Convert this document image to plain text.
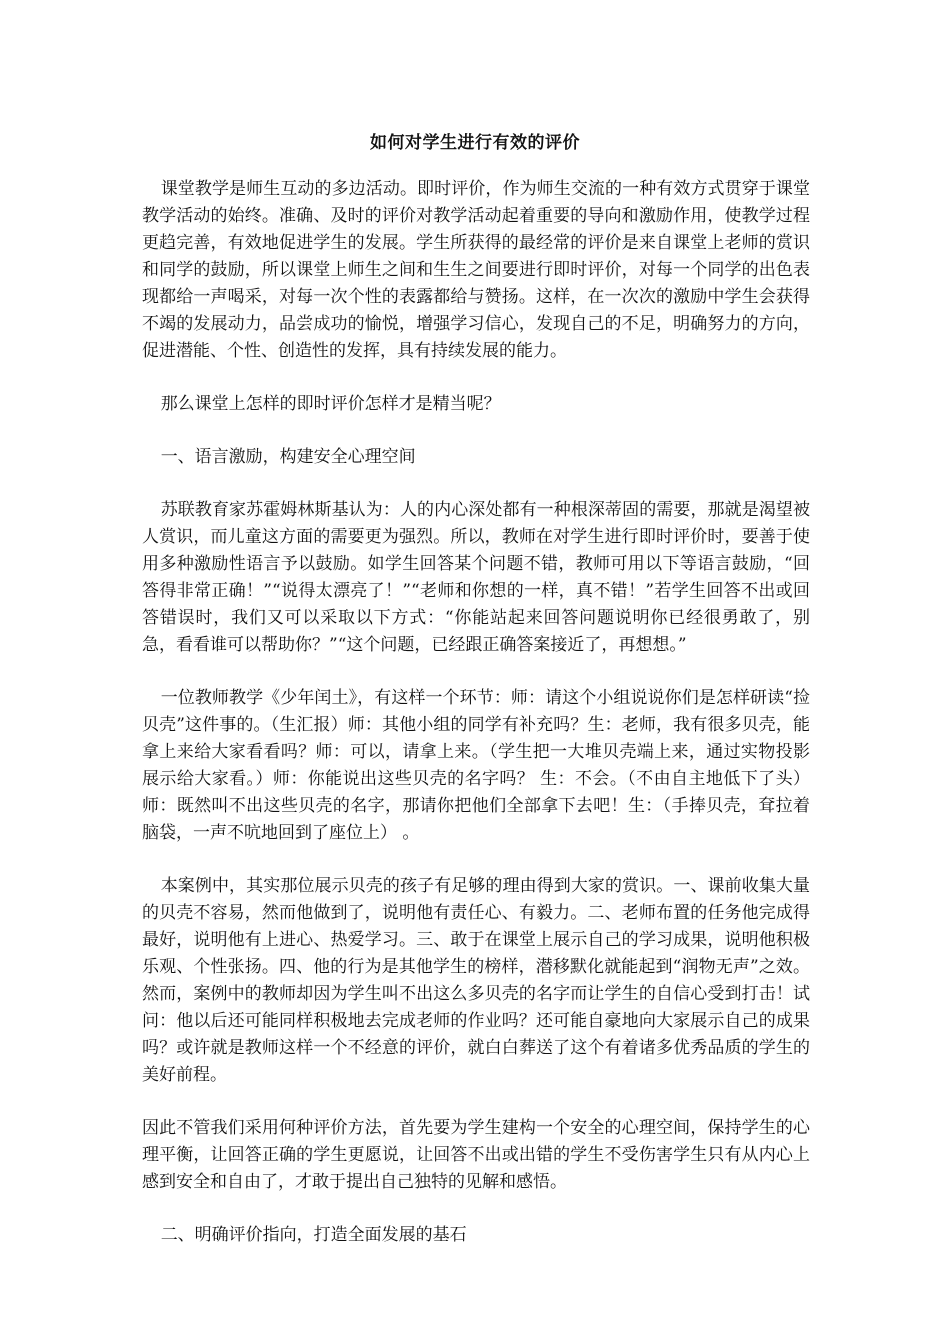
如何对学生进行有效的评价

课堂教学是师生互动的多边活动。即时评价，作为师生交流的一种有效方式贯穿于课堂教学活动的始终。准确、及时的评价对教学活动起着重要的导向和激励作用，使教学过程更趋完善，有效地促进学生的发展。学生所获得的最经常的评价是来自课堂上老师的赏识和同学的鼓励，所以课堂上师生之间和生生之间要进行即时评价，对每一个同学的出色表现都给一声喝采，对每一次个性的表露都给与赞扬。这样，在一次次的激励中学生会获得不竭的发展动力，品尝成功的愉悦，增强学习信心，发现自己的不足，明确努力的方向，促进潜能、个性、创造性的发挥，具有持续发展的能力。

那么课堂上怎样的即时评价怎样才是精当呢？

一、语言激励，构建安全心理空间

苏联教育家苏霍姆林斯基认为：人的内心深处都有一种根深蒂固的需要，那就是渴望被人赏识，而儿童这方面的需要更为强烈。所以，教师在对学生进行即时评价时，要善于使用多种激励性语言予以鼓励。如学生回答某个问题不错，教师可用以下等语言鼓励，“回答得非常正确！”“说得太漂亮了！”“老师和你想的一样，真不错！”若学生回答不出或回答错误时，我们又可以采取以下方式：“你能站起来回答问题说明你已经很勇敢了，别急，看看谁可以帮助你？”“这个问题，已经跟正确答案接近了，再想想。”

一位教师教学《少年闰土》，有这样一个环节：师：请这个小组说说你们是怎样研读“捡贝壳”这件事的。（生汇报）师：其他小组的同学有补充吗？生：老师，我有很多贝壳，能拿上来给大家看看吗？师：可以，请拿上来。（学生把一大堆贝壳端上来，通过实物投影展示给大家看。）师：你能说出这些贝壳的名字吗？ 生：不会。（不由自主地低下了头）师：既然叫不出这些贝壳的名字，那请你把他们全部拿下去吧！生：（手捧贝壳，耷拉着脑袋，一声不吭地回到了座位上） 。

本案例中，其实那位展示贝壳的孩子有足够的理由得到大家的赏识。一、课前收集大量的贝壳不容易，然而他做到了，说明他有责任心、有毅力。二、老师布置的任务他完成得最好，说明他有上进心、热爱学习。三、敢于在课堂上展示自己的学习成果，说明他积极乐观、个性张扬。四、他的行为是其他学生的榜样，潜移默化就能起到“润物无声”之效。然而，案例中的教师却因为学生叫不出这么多贝壳的名字而让学生的自信心受到打击！试问：他以后还可能同样积极地去完成老师的作业吗？还可能自豪地向大家展示自己的成果吗？或许就是教师这样一个不经意的评价，就白白葬送了这个有着诸多优秀品质的学生的美好前程。

因此不管我们采用何种评价方法，首先要为学生建构一个安全的心理空间，保持学生的心理平衡，让回答正确的学生更愿说，让回答不出或出错的学生不受伤害学生只有从内心上感到安全和自由了，才敢于提出自己独特的见解和感悟。

二、明确评价指向，打造全面发展的基石
